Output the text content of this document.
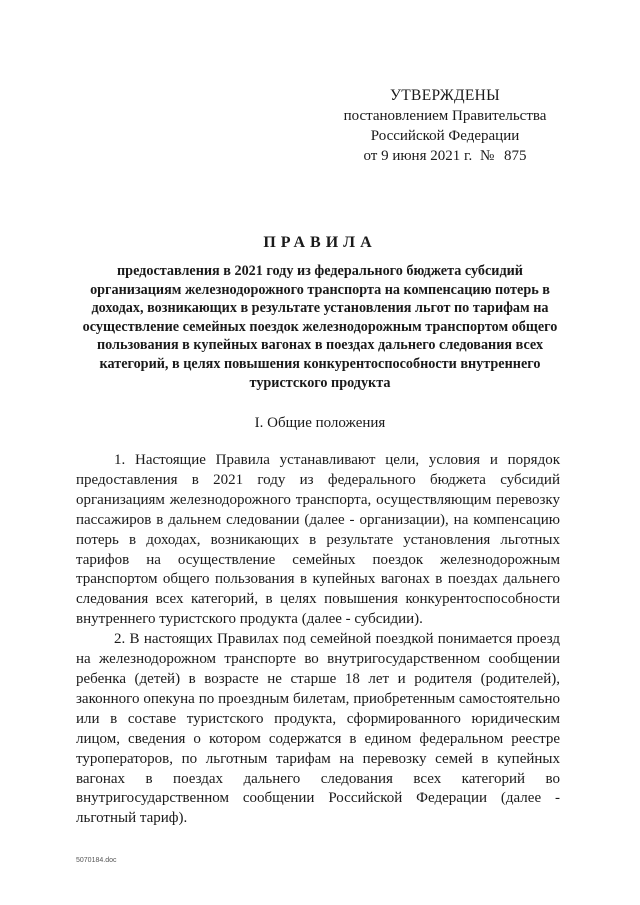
УТВЕРЖДЕНЫ
постановлением Правительства
Российской Федерации
от 9 июня 2021 г. № 875
ПРАВИЛА
предоставления в 2021 году из федерального бюджета субсидий организациям железнодорожного транспорта на компенсацию потерь в доходах, возникающих в результате установления льгот по тарифам на осуществление семейных поездок железнодорожным транспортом общего пользования в купейных вагонах в поездах дальнего следования всех категорий, в целях повышения конкурентоспособности внутреннего туристского продукта
I. Общие положения

1. Настоящие Правила устанавливают цели, условия и порядок предоставления в 2021 году из федерального бюджета субсидий организациям железнодорожного транспорта, осуществляющим перевозку пассажиров в дальнем следовании (далее - организации), на компенсацию потерь в доходах, возникающих в результате установления льготных тарифов на осуществление семейных поездок железнодорожным транспортом общего пользования в купейных вагонах в поездах дальнего следования всех категорий, в целях повышения конкурентоспособности внутреннего туристского продукта (далее - субсидии).

2. В настоящих Правилах под семейной поездкой понимается проезд на железнодорожном транспорте во внутригосударственном сообщении ребенка (детей) в возрасте не старше 18 лет и родителя (родителей), законного опекуна по проездным билетам, приобретенным самостоятельно или в составе туристского продукта, сформированного юридическим лицом, сведения о котором содержатся в едином федеральном реестре туроператоров, по льготным тарифам на перевозку семей в купейных вагонах в поездах дальнего следования всех категорий во внутригосударственном сообщении Российской Федерации (далее - льготный тариф).

5070184.doc
